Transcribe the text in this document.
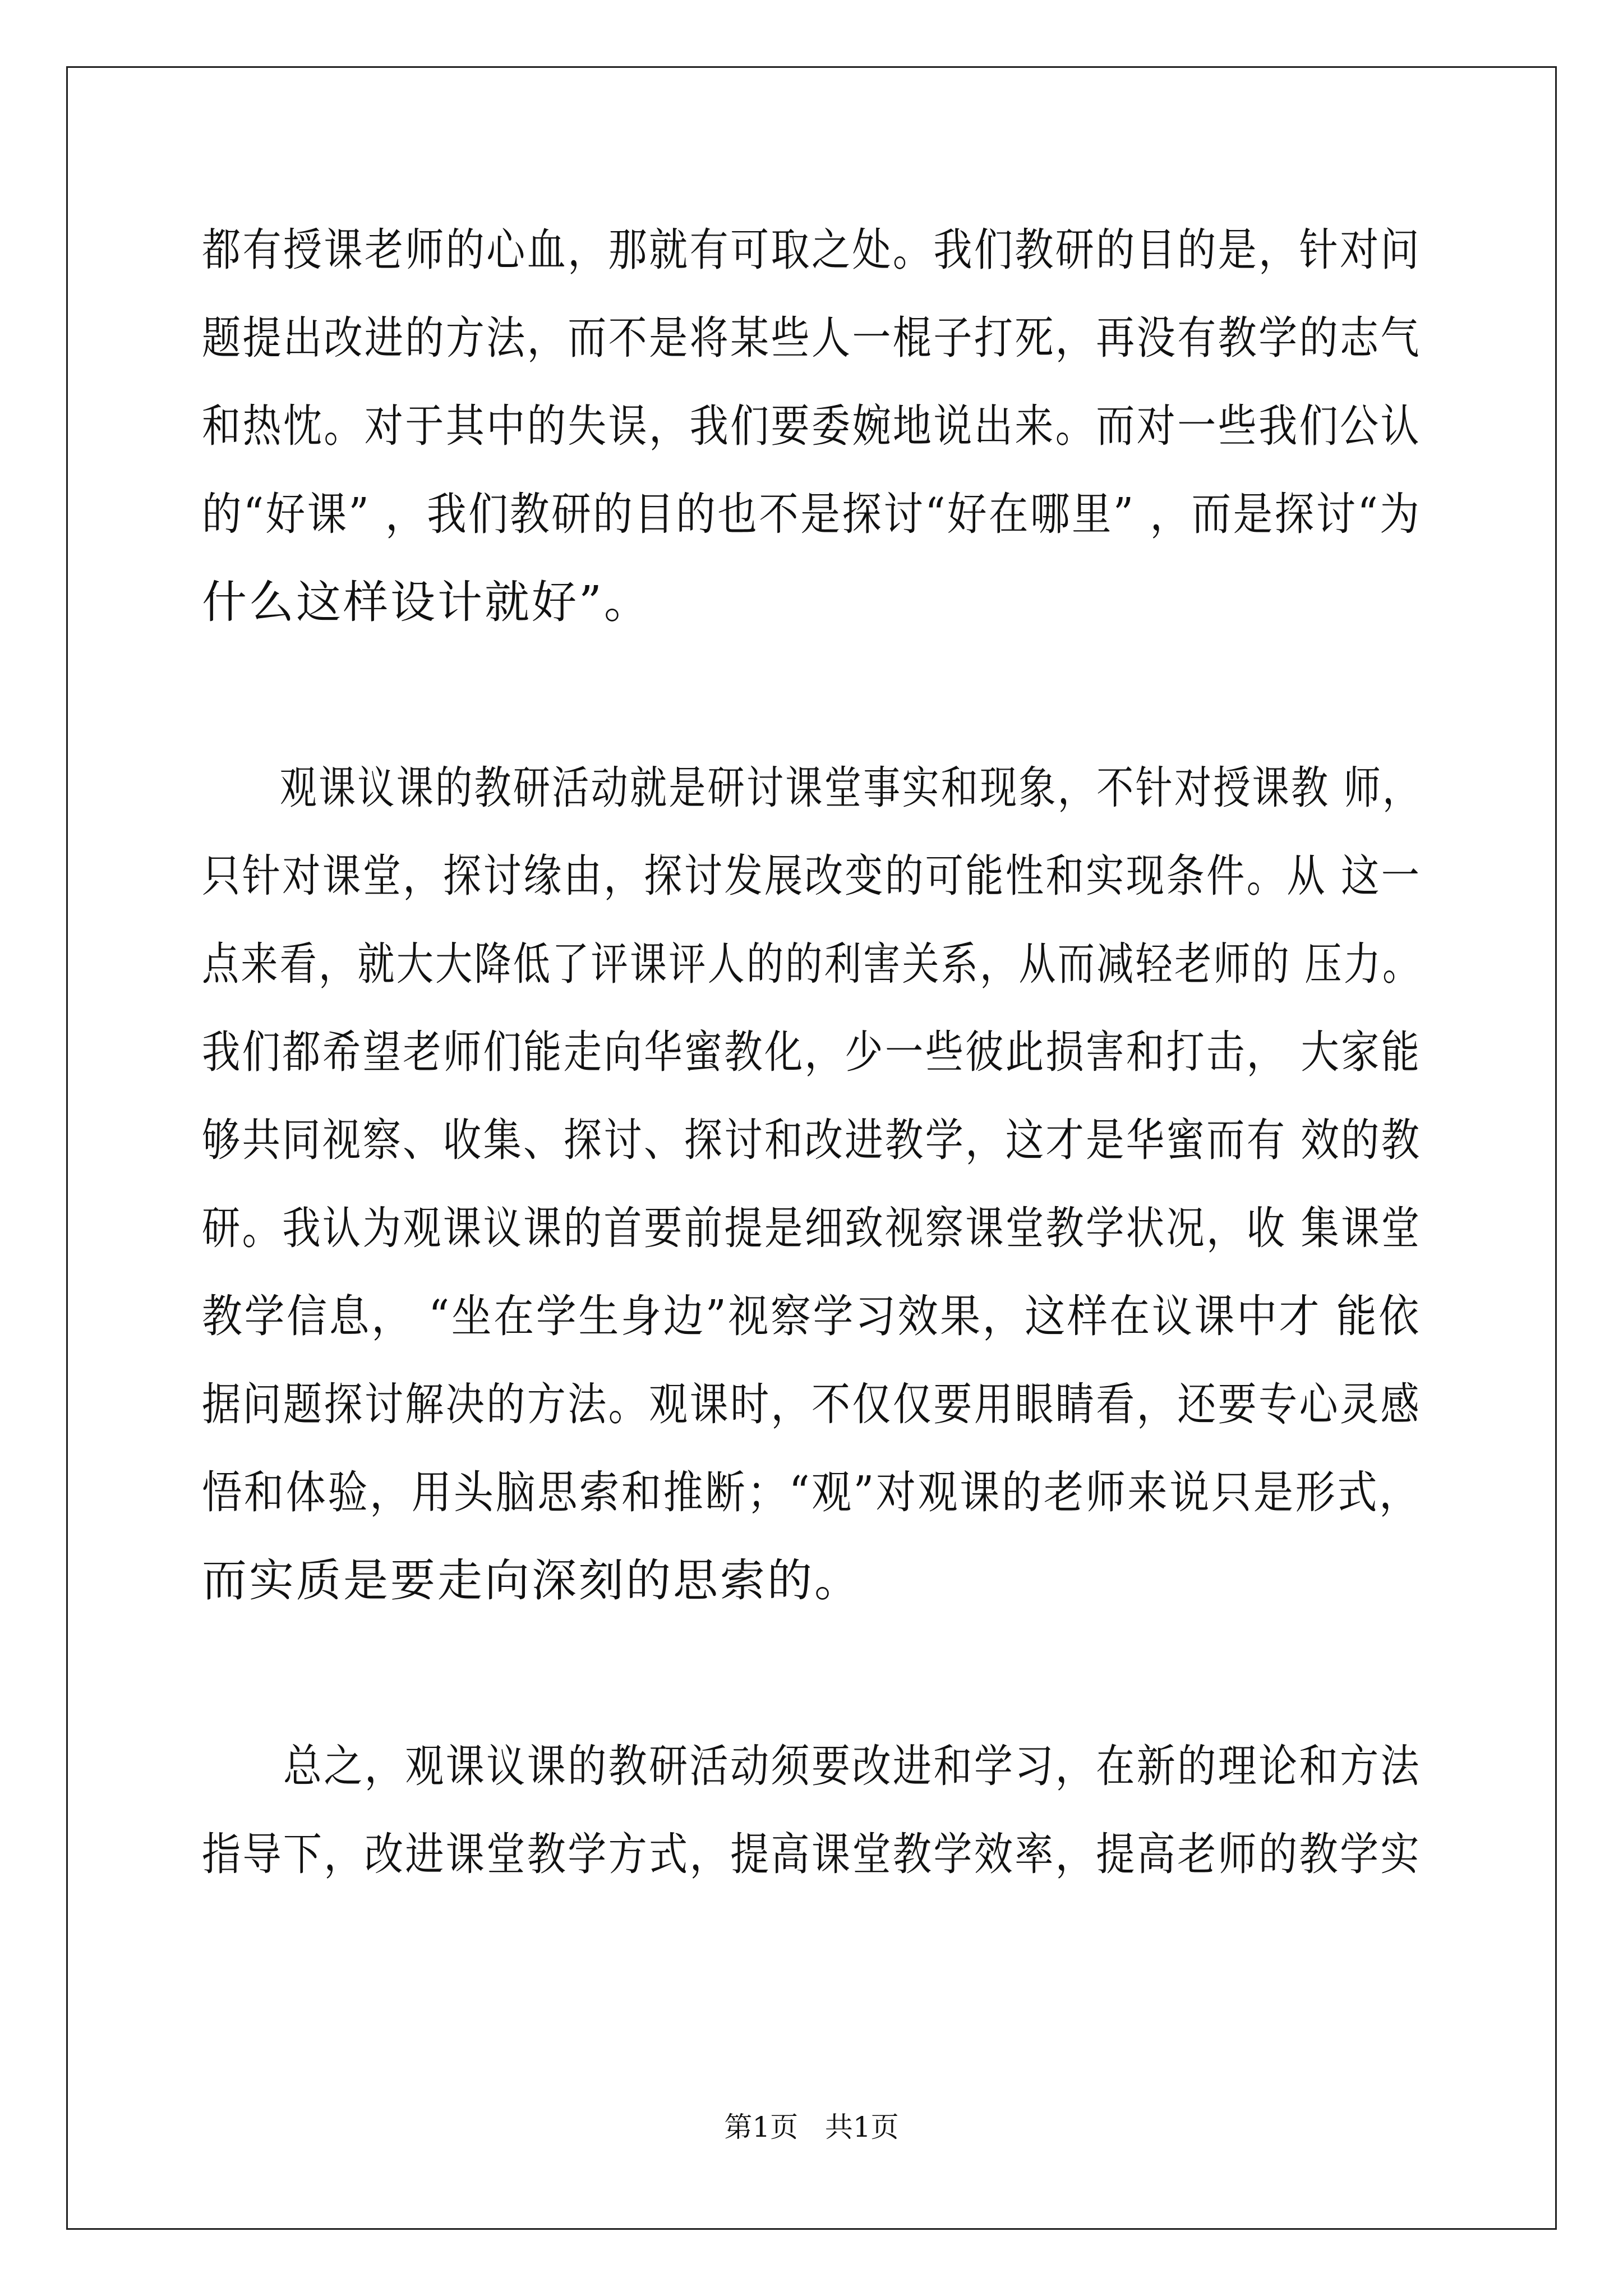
都有授课老师的心血，那就有可取之处。我们教研的目的是，针对问
题提出改进的方法，而不是将某些人一棍子打死，再没有教学的志气
和热忱。对于其中的失误，我们要委婉地说出来。而对一些我们公认
的“好课” ，我们教研的目的也不是探讨“好在哪里” ，而是探讨“为
什么这样设计就好”。
　　观课议课的教研活动就是研讨课堂事实和现象，不针对授课教 师，
只针对课堂，探讨缘由，探讨发展改变的可能性和实现条件。从 这一
点来看，就大大降低了评课评人的的利害关系，从而减轻老师的 压力。
我们都希望老师们能走向华蜜教化，少一些彼此损害和打击， 大家能
够共同视察、收集、探讨、探讨和改进教学，这才是华蜜而有 效的教
研。我认为观课议课的首要前提是细致视察课堂教学状况，收 集课堂
教学信息， “坐在学生身边”视察学习效果，这样在议课中才 能依
据问题探讨解决的方法。观课时，不仅仅要用眼睛看，还要专心灵感
悟和体验，用头脑思索和推断；“观”对观课的老师来说只是形式，
而实质是要走向深刻的思索的。
　　总之，观课议课的教研活动须要改进和学习，在新的理论和方法
指导下，改进课堂教学方式，提高课堂教学效率，提高老师的教学实
第1页   共1页
